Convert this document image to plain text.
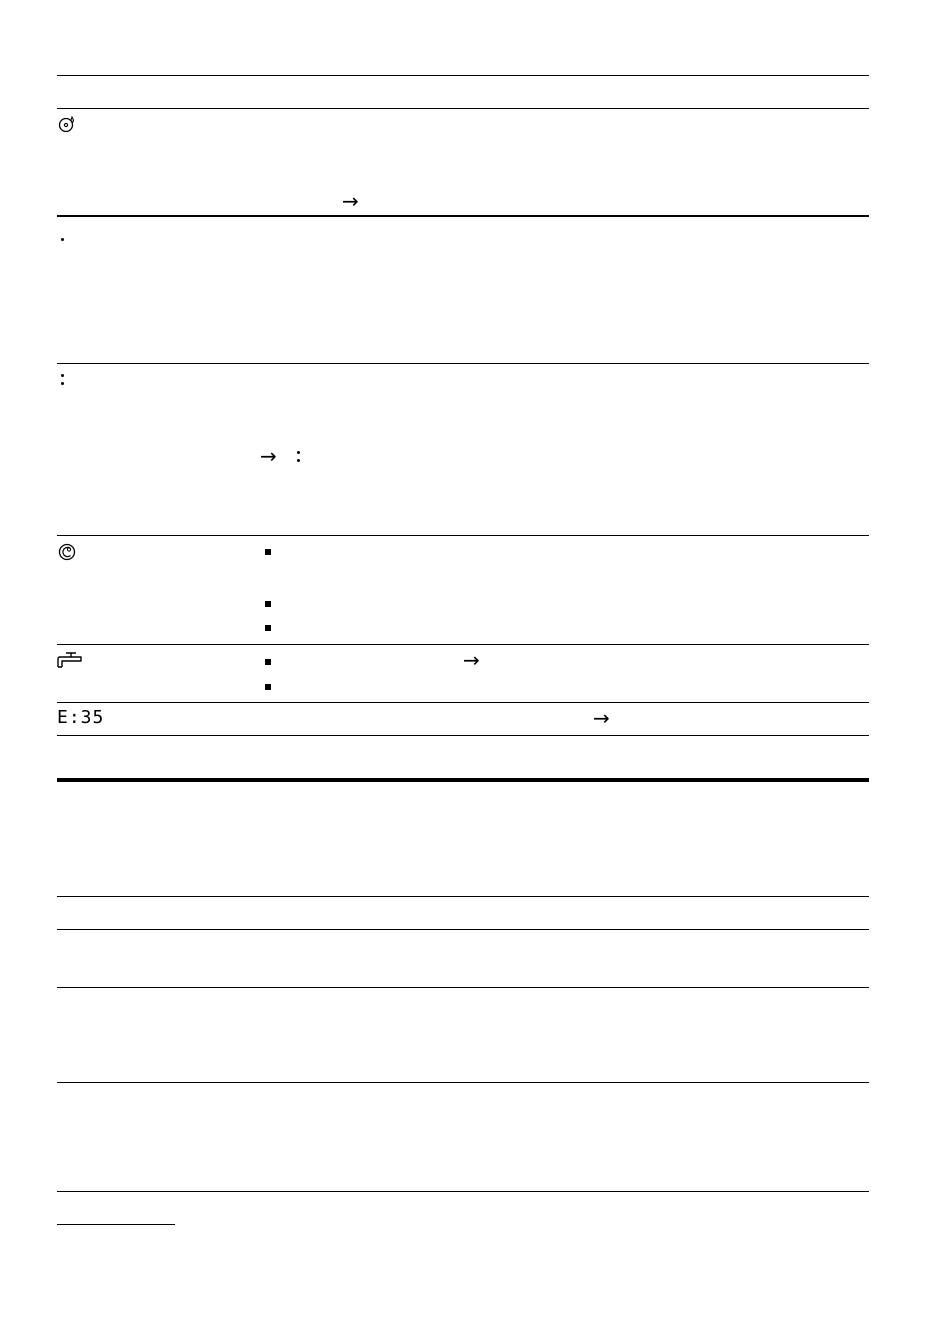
→
→
→
E:35	→
